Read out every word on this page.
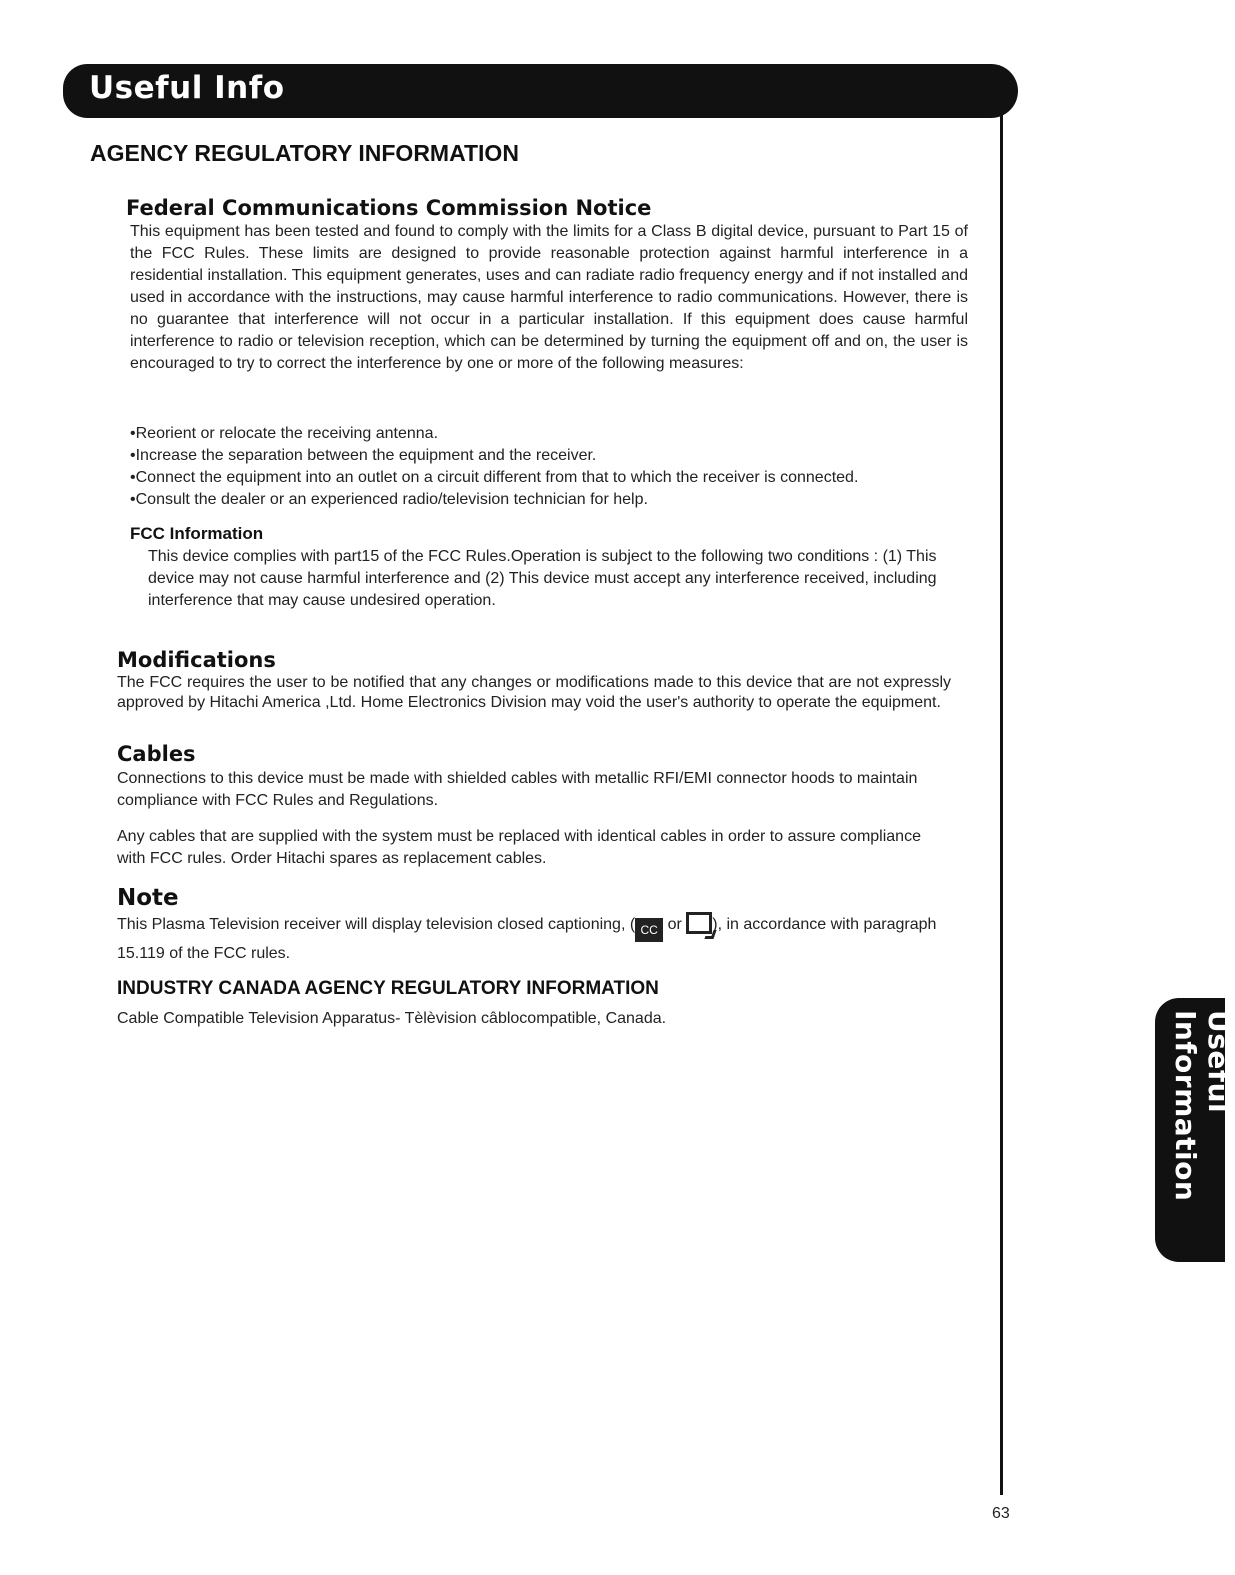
Useful Info
Useful Information
AGENCY REGULATORY INFORMATION
Federal Communications Commission Notice
This equipment has been tested and found to comply with the limits for a Class B digital device, pursuant to Part 15 of the FCC Rules. These limits are designed to provide reasonable protection against harmful interference in a residential installation. This equipment generates, uses and can radiate radio frequency energy and if not installed and used in accordance with the instructions, may cause harmful interference to radio communications. However, there is no guarantee that interference will not occur in a particular installation. If this equipment does cause harmful interference to radio or television reception, which can be determined by turning the equipment off and on, the user is encouraged to try to correct the interference by one or more of the following measures:
• Reorient or relocate the receiving antenna.
• Increase the separation between the equipment and the receiver.
• Connect the equipment into an outlet on a circuit different from that to which the receiver is connected.
• Consult the dealer or an experienced radio/television technician for help.
FCC Information
This device complies with part15 of the FCC Rules.Operation is subject to the following two conditions : (1) This device may not cause harmful interference and (2) This device must accept any interference received, including interference that may cause undesired operation.
Modifications
The FCC requires the user to be notified that any changes or modifications made to this device that are not expressly approved by Hitachi America ,Ltd. Home Electronics Division may void the user's authority to operate the equipment.
Cables
Connections to this device must be made with shielded cables with metallic RFI/EMI connector hoods to maintain compliance with FCC Rules and Regulations.
Any cables that are supplied with the system must be replaced with identical cables in order to assure compliance with FCC rules. Order Hitachi spares as replacement cables.
Note
This Plasma Television receiver will display television closed captioning, ( CC or ), in accordance with paragraph 15.119 of the FCC rules.
INDUSTRY CANADA AGENCY REGULATORY INFORMATION
Cable Compatible Television Apparatus- Tèlèvision câblocompatible, Canada.
63
